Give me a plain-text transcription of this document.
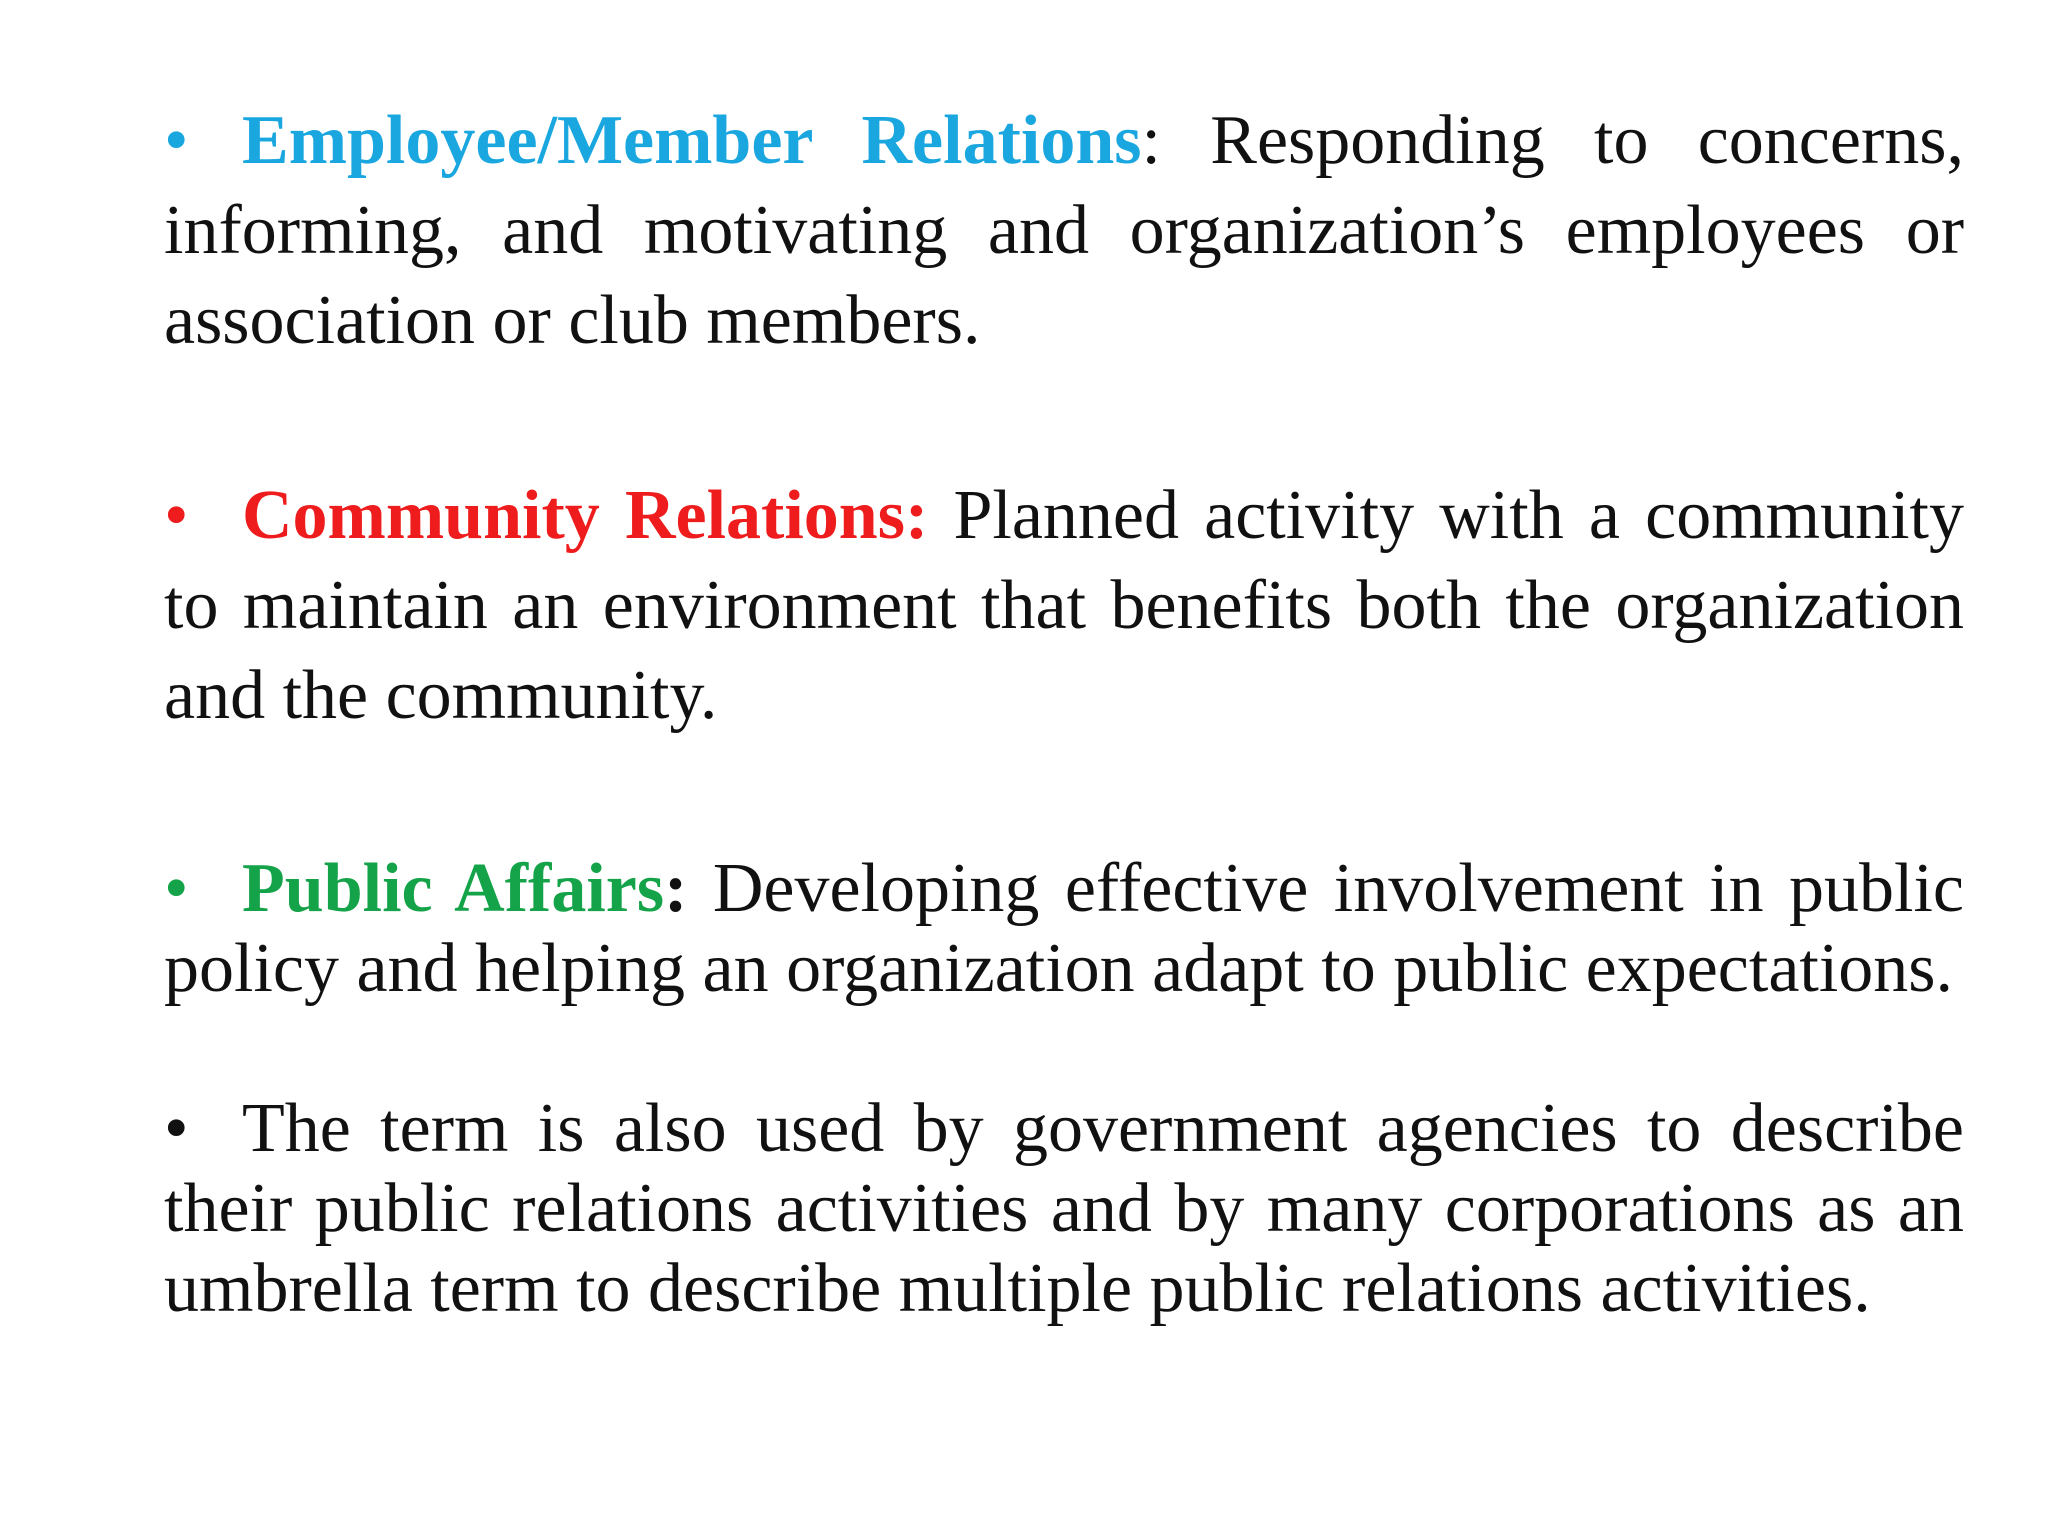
• Employee/Member Relations: Responding to concerns, informing, and motivating and organization’s employees or association or club members.
• Community Relations: Planned activity with a community to maintain an environment that benefits both the organization and the community.
• Public Affairs: Developing effective involvement in public policy and helping an organization adapt to public expectations.
• The term is also used by government agencies to describe their public relations activities and by many corporations as an umbrella term to describe multiple public relations activities.
